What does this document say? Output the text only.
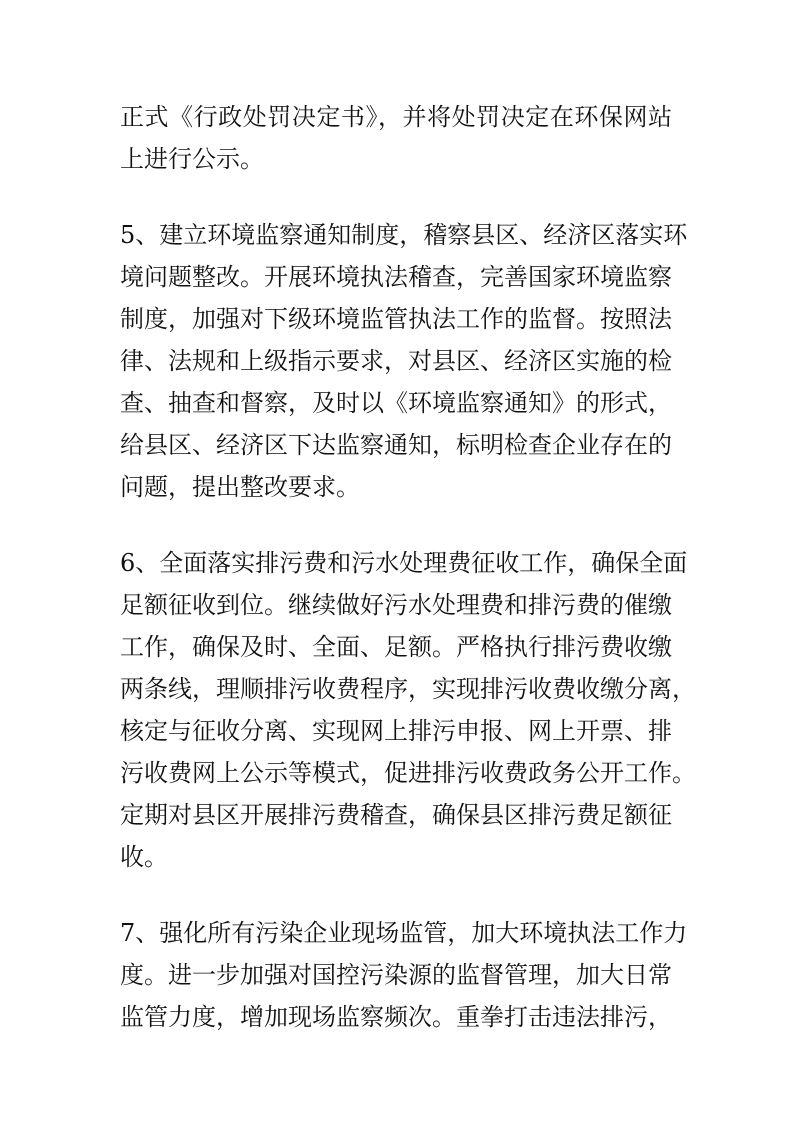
正式《行政处罚决定书》，并将处罚决定在环保网站
上进行公示。
5、建立环境监察通知制度，稽察县区、经济区落实环
境问题整改。开展环境执法稽查，完善国家环境监察
制度，加强对下级环境监管执法工作的监督。按照法
律、法规和上级指示要求，对县区、经济区实施的检
查、抽查和督察，及时以《环境监察通知》的形式，
给县区、经济区下达监察通知，标明检查企业存在的
问题，提出整改要求。
6、全面落实排污费和污水处理费征收工作，确保全面
足额征收到位。继续做好污水处理费和排污费的催缴
工作，确保及时、全面、足额。严格执行排污费收缴
两条线，理顺排污收费程序，实现排污收费收缴分离，
核定与征收分离、实现网上排污申报、网上开票、排
污收费网上公示等模式，促进排污收费政务公开工作。
定期对县区开展排污费稽查，确保县区排污费足额征
收。
7、强化所有污染企业现场监管，加大环境执法工作力
度。进一步加强对国控污染源的监督管理，加大日常
监管力度，增加现场监察频次。重拳打击违法排污，
